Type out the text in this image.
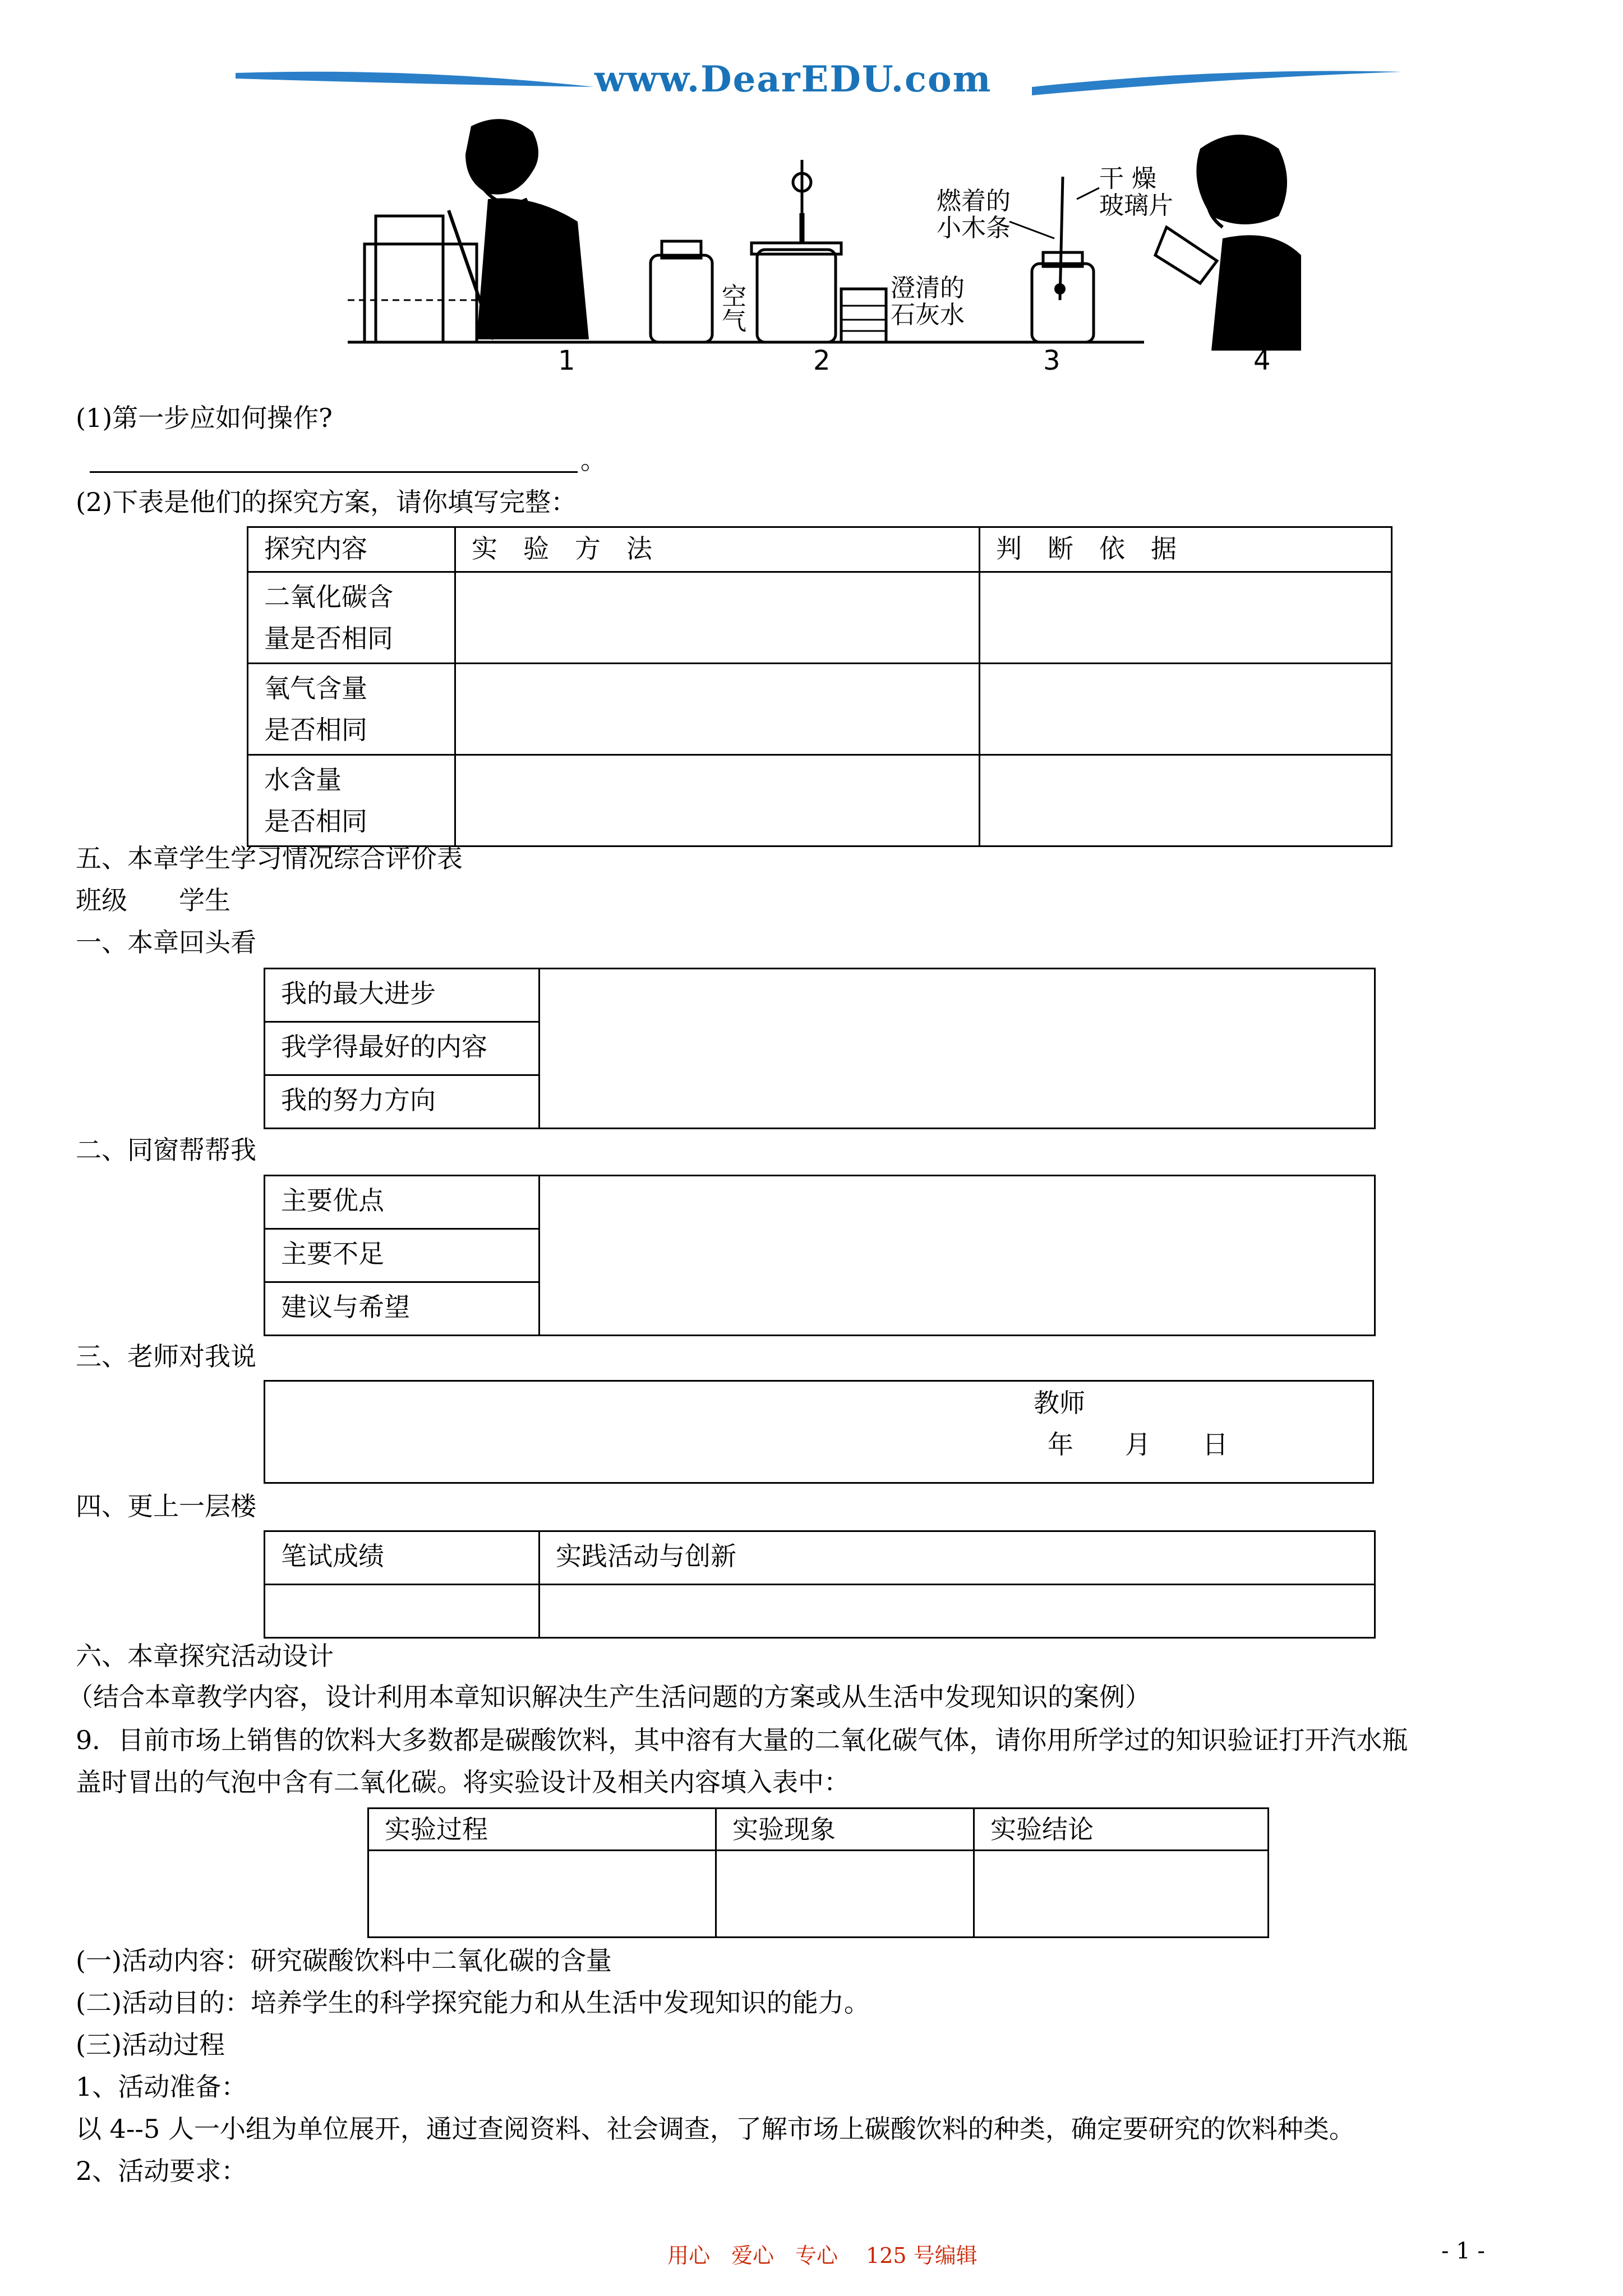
www.DearEDU.com
空气	澄清的
石灰水
燃着的
小木条
干 燥
玻璃片
1	2	3	4
(1)第一步应如何操作?
。
(2)下表是他们的探究方案，请你填写完整：
探究内容	实　验　方　法	判　断　依　据

二氧化碳含
量是否相同		

氧气含量
是否相同		

水含量
是否相同		

五、本章学生学习情况综合评价表
班级　　学生
一、本章回头看
我的最大进步	
我学得最好的内容
我的努力方向
二、同窗帮帮我
主要优点	
主要不足
建议与希望
三、老师对我说
教师
年　　月　　日
四、更上一层楼
笔试成绩	实践活动与创新

六、本章探究活动设计
（结合本章教学内容，设计利用本章知识解决生产生活问题的方案或从生活中发现知识的案例）
9．目前市场上销售的饮料大多数都是碳酸饮料，其中溶有大量的二氧化碳气体，请你用所学过的知识验证打开汽水瓶
盖时冒出的气泡中含有二氧化碳。将实验设计及相关内容填入表中：
实验过程	实验现象	实验结论

(一)活动内容：研究碳酸饮料中二氧化碳的含量
(二)活动目的：培养学生的科学探究能力和从生活中发现知识的能力。
(三)活动过程
1、活动准备：
以 4--5 人一小组为单位展开，通过查阅资料、社会调查，了解市场上碳酸饮料的种类，确定要研究的饮料种类。
2、活动要求：
用心　爱心　专心　 125 号编辑	- 1 -
